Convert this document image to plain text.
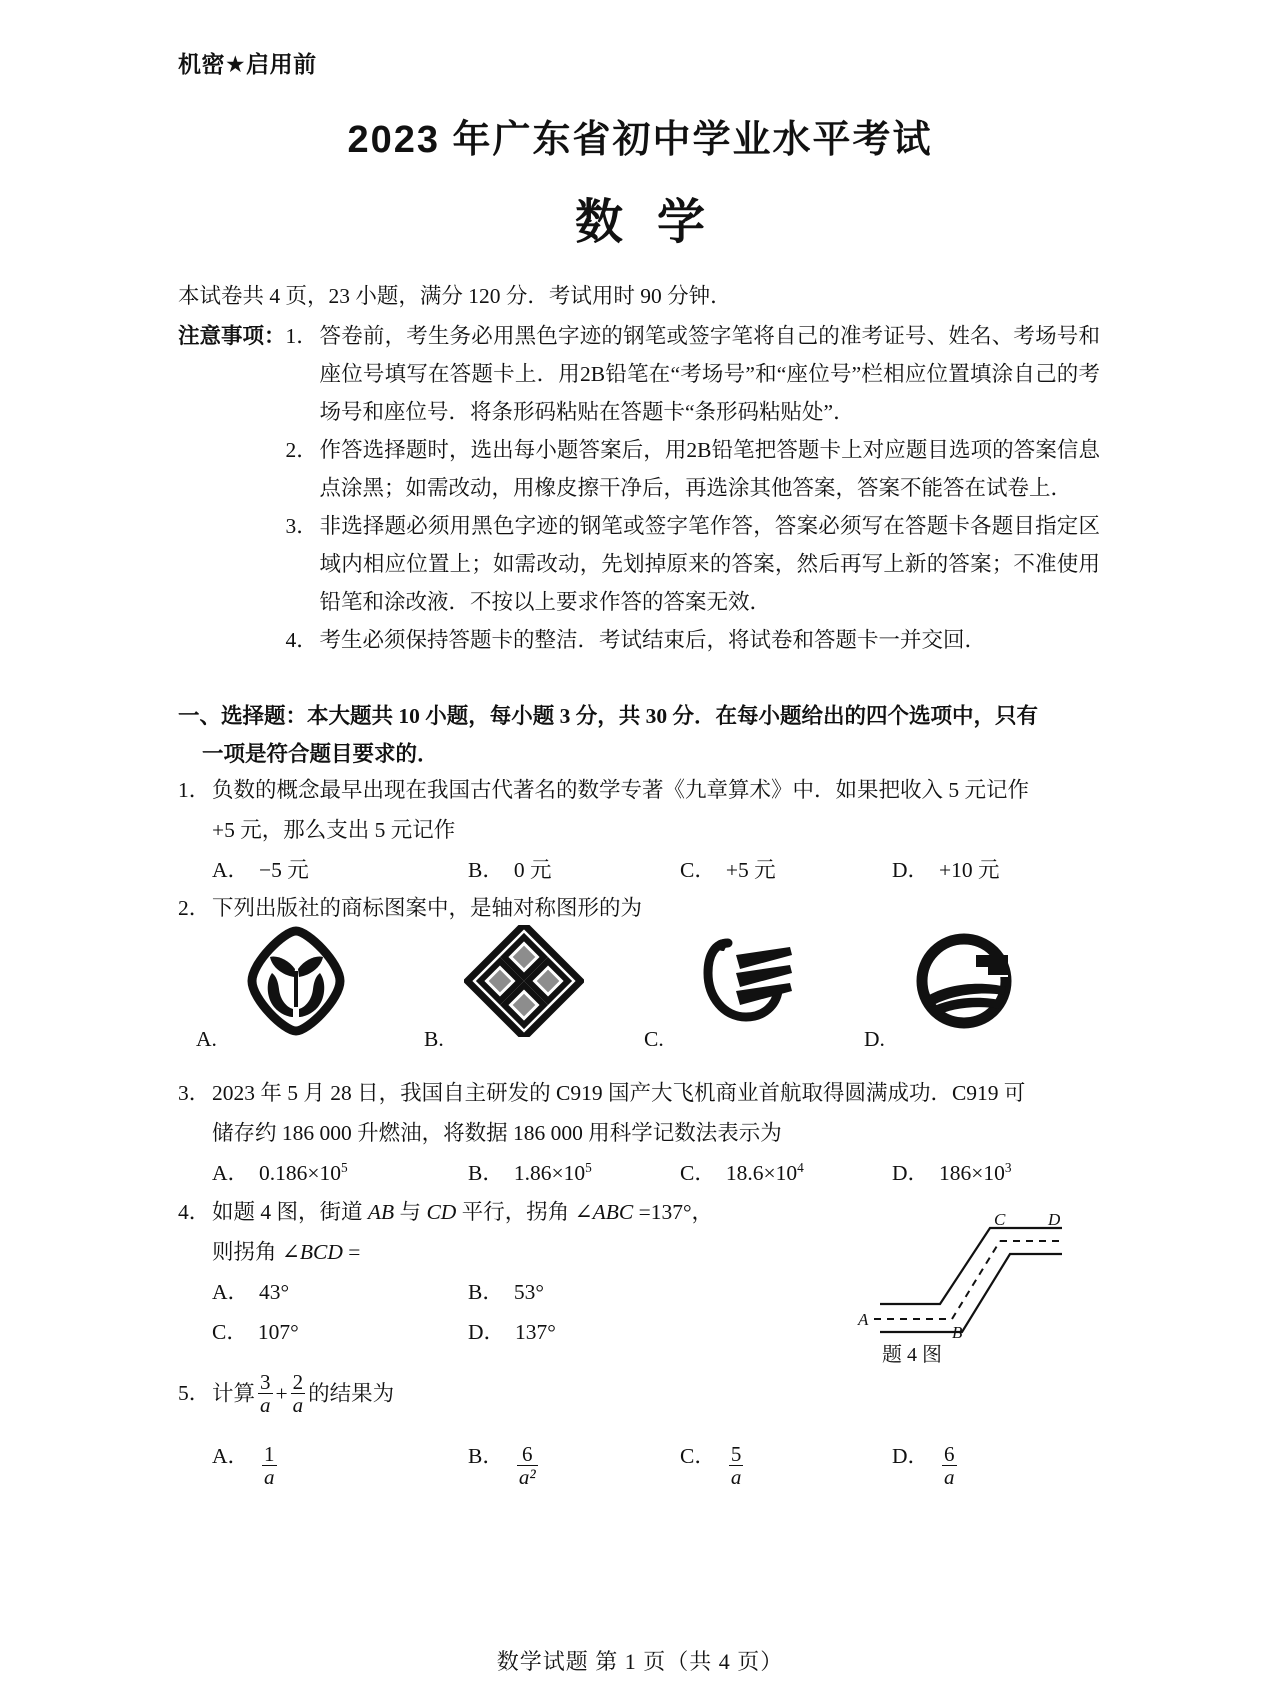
机密★启用前
2023 年广东省初中学业水平考试
数学
本试卷共 4 页，23 小题，满分 120 分．考试用时 90 分钟．
注意事项： 1． 答卷前，考生务必用黑色字迹的钢笔或签字笔将自己的准考证号、姓名、考场号和座位号填写在答题卡上．用2B铅笔在“考场号”和“座位号”栏相应位置填涂自己的考场号和座位号．将条形码粘贴在答题卡“条形码粘贴处”．
2． 作答选择题时，选出每小题答案后，用2B铅笔把答题卡上对应题目选项的答案信息点涂黑；如需改动，用橡皮擦干净后，再选涂其他答案，答案不能答在试卷上．
3． 非选择题必须用黑色字迹的钢笔或签字笔作答，答案必须写在答题卡各题目指定区域内相应位置上；如需改动，先划掉原来的答案，然后再写上新的答案；不准使用铅笔和涂改液．不按以上要求作答的答案无效．
4． 考生必须保持答题卡的整洁．考试结束后，将试卷和答题卡一并交回．
一、选择题：本大题共 10 小题，每小题 3 分，共 30 分．在每小题给出的四个选项中，只有
一项是符合题目要求的．
1． 负数的概念最早出现在我国古代著名的数学专著《九章算术》中．如果把收入 5 元记作
+5 元，那么支出 5 元记作
A． −5 元	B． 0 元	C． +5 元	D． +10 元
2． 下列出版社的商标图案中，是轴对称图形的为
A.	B.	C.	D.
3． 2023 年 5 月 28 日，我国自主研发的 C919 国产大飞机商业首航取得圆满成功．C919 可
储存约 186 000 升燃油，将数据 186 000 用科学记数法表示为
A． $0.186\times 10^5$	B． $1.86\times 10^5$	C． $18.6\times 10^4$	D． $186\times 10^3$
4． 如题 4 图，街道 AB 与 CD 平行，拐角 ∠ABC =137°，
则拐角 ∠BCD =
A． 43°	B． 53°
C． 107°	D． 137°
A
B
C	D
题 4 图
5． 计算 $\frac{3}{a} + \frac{2}{a}$ 的结果为
A． $\frac{1}{a}$	B． $\frac{6}{\text{a²}}$	C． $\frac{5}{a}$	D． $\frac{6}{a}$
数学试题 第 1 页（共 4 页）
